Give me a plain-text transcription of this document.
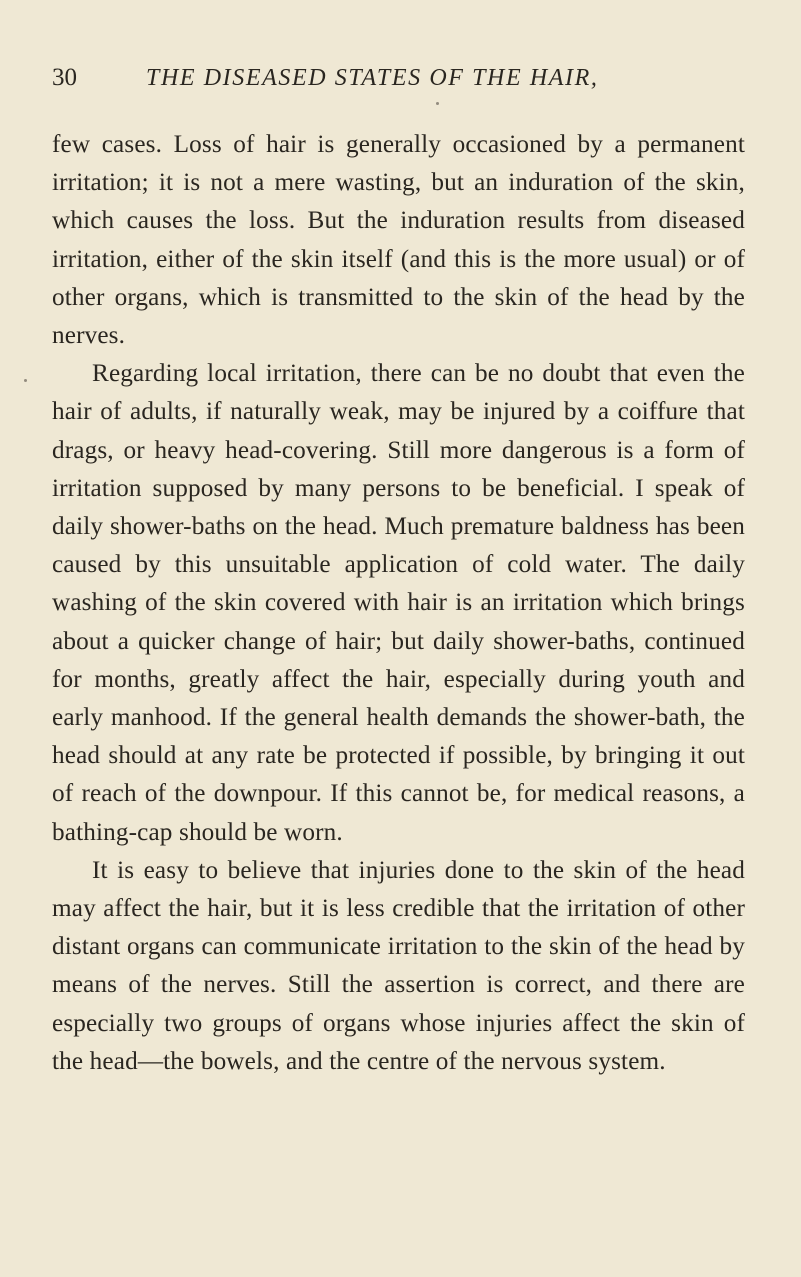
30	THE DISEASED STATES OF THE HAIR,

few cases. Loss of hair is generally occasioned by a permanent irritation; it is not a mere wasting, but an induration of the skin, which causes the loss. But the induration results from diseased irritation, either of the skin itself (and this is the more usual) or of other organs, which is transmitted to the skin of the head by the nerves.

Regarding local irritation, there can be no doubt that even the hair of adults, if naturally weak, may be injured by a coiffure that drags, or heavy head-covering. Still more dangerous is a form of irritation supposed by many persons to be beneficial. I speak of daily shower-baths on the head. Much premature baldness has been caused by this unsuitable application of cold water. The daily washing of the skin covered with hair is an irritation which brings about a quicker change of hair; but daily shower-baths, continued for months, greatly affect the hair, especially during youth and early manhood. If the general health demands the shower-bath, the head should at any rate be protected if possible, by bringing it out of reach of the downpour. If this cannot be, for medical reasons, a bathing-cap should be worn.

It is easy to believe that injuries done to the skin of the head may affect the hair, but it is less credible that the irritation of other distant organs can communicate irritation to the skin of the head by means of the nerves. Still the assertion is correct, and there are especially two groups of organs whose injuries affect the skin of the head—the bowels, and the centre of the nervous system.
